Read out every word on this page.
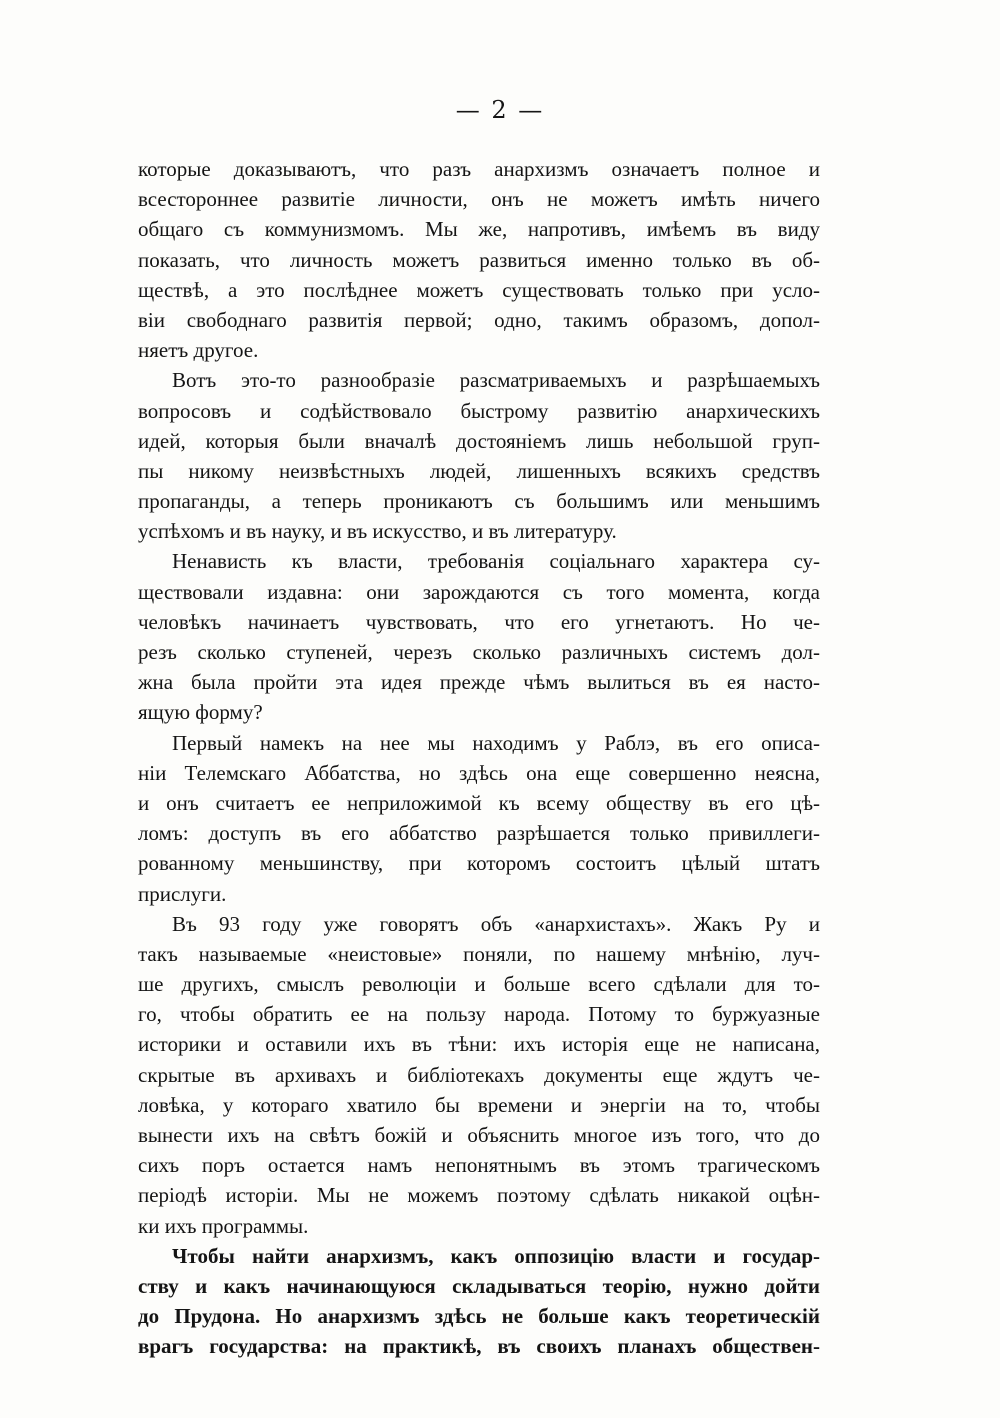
— 2 —
которые доказываютъ, что разъ анархизмъ означаетъ полное и
всестороннее развитіе личности, онъ не можетъ имѣть ничего
общаго съ коммунизмомъ. Мы же, напротивъ, имѣемъ въ виду
показать, что личность можетъ развиться именно только въ об-
ществѣ, а это послѣднее можетъ существовать только при усло-
віи свободнаго развитія первой; одно, такимъ образомъ, допол-
няетъ другое.
Вотъ это-то разнообразіе разсматриваемыхъ и разрѣшаемыхъ
вопросовъ и содѣйствовало быстрому развитію анархическихъ
идей, которыя были вначалѣ достояніемъ лишь небольшой груп-
пы никому неизвѣстныхъ людей, лишенныхъ всякихъ средствъ
пропаганды, а теперь проникаютъ съ большимъ или меньшимъ
успѣхомъ и въ науку, и въ искусство, и въ литературу.
Ненависть къ власти, требованія соціальнаго характера су-
ществовали издавна: они зарождаются съ того момента, когда
человѣкъ начинаетъ чувствовать, что его угнетаютъ. Но че-
резъ сколько ступеней, черезъ сколько различныхъ системъ дол-
жна была пройти эта идея прежде чѣмъ вылиться въ ея насто-
ящую форму?
Первый намекъ на нее мы находимъ у Раблэ, въ его описа-
ніи Телемскаго Аббатства, но здѣсь она еще совершенно неясна,
и онъ считаетъ ее неприложимой къ всему обществу въ его цѣ-
ломъ: доступъ въ его аббатство разрѣшается только привиллеги-
рованному меньшинству, при которомъ состоитъ цѣлый штатъ
прислуги.
Въ 93 году уже говорятъ объ «анархистахъ». Жакъ Ру и
такъ называемые «неистовые» поняли, по нашему мнѣнію, луч-
ше другихъ, смыслъ революціи и больше всего сдѣлали для то-
го, чтобы обратить ее на пользу народа. Потому то буржуазные
историки и оставили ихъ въ тѣни: ихъ исторія еще не написана,
скрытые въ архивахъ и библіотекахъ документы еще ждутъ че-
ловѣка, у котораго хватило бы времени и энергіи на то, чтобы
вынести ихъ на свѣтъ божій и объяснить многое изъ того, что до
сихъ поръ остается намъ непонятнымъ въ этомъ трагическомъ
періодѣ исторіи. Мы не можемъ поэтому сдѣлать никакой оцѣн-
ки ихъ программы.
Чтобы найти анархизмъ, какъ оппозицію власти и государ-
ству и какъ начинающуюся складываться теорію, нужно дойти
до Прудона. Но анархизмъ здѣсь не больше какъ теоретическій
врагъ государства: на практикѣ, въ своихъ планахъ обществен-
